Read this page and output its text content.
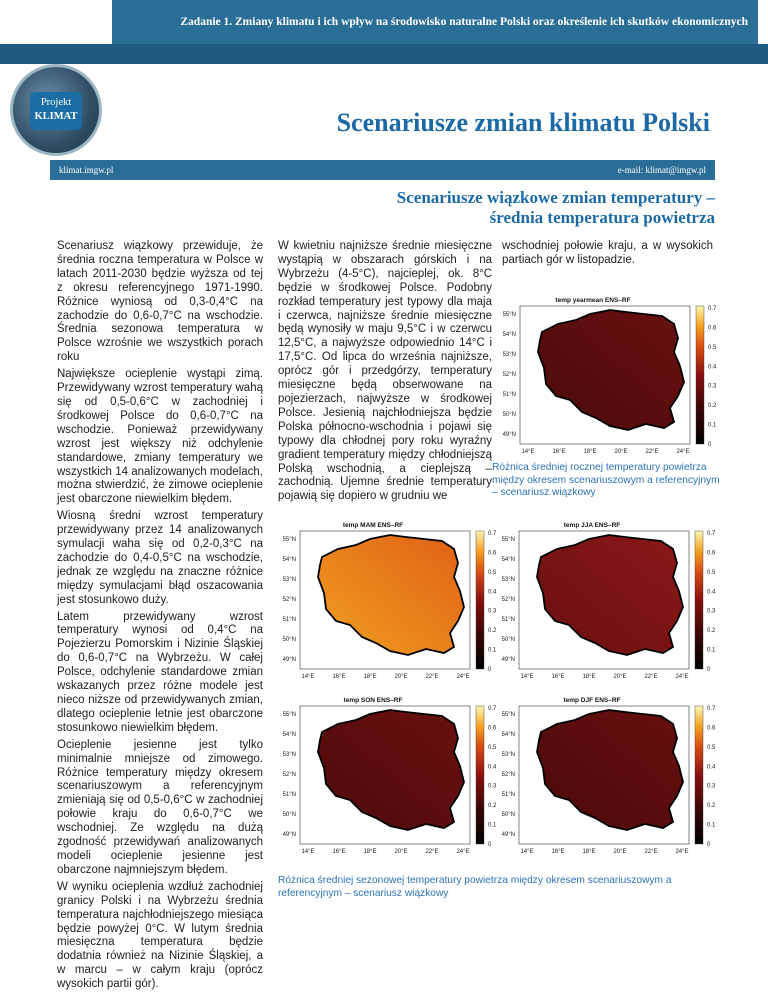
Zadanie 1. Zmiany klimatu i ich wpływ na środowisko naturalne Polski oraz określenie ich skutków ekonomicznych
Projekt
KLIMAT	Scenariusze zmian klimatu Polski
klimat.imgw.pl	e-mail: klimat@imgw.pl
Scenariusze wiązkowe zmian temperatury –
średnia temperatura powietrza

Scenariusz wiązkowy przewiduje, że średnia roczna temperatura w Polsce w latach 2011-2030 będzie wyższa od tej z okresu referencyjnego 1971-1990. Różnice wyniosą od 0,3-0,4°C na zachodzie do 0,6-0,7°C na wschodzie. Średnia sezonowa temperatura w Polsce wzrośnie we wszystkich porach roku

Największe ocieplenie wystąpi zimą. Przewidywany wzrost temperatury wahą się od 0,5-0,6°C w zachodniej i środkowej Polsce do 0,6-0,7°C na wschodzie. Ponieważ przewidywany wzrost jest większy niż odchylenie standardowe, zmiany temperatury we wszystkich 14 analizowanych modelach, można stwierdzić, że zimowe ocieplenie jest obarczone niewielkim błędem.

Wiosną średni wzrost temperatury przewidywany przez 14 analizowanych symulacji waha się od 0,2-0,3°C na zachodzie do 0,4-0,5°C na wschodzie, jednak ze względu na znaczne różnice między symulacjami błąd oszacowania jest stosunkowo duży.

Latem przewidywany wzrost temperatury wynosi od 0,4°C na Pojezierzu Pomorskim i Nizinie Śląskiej do 0,6-0,7°C na Wybrzeżu. W całej Polsce, odchylenie standardowe zmian wskazanych przez różne modele jest nieco niższe od przewidywanych zmian, dlatego ocieplenie letnie jest obarczone stosunkowo niewielkim błędem.

Ocieplenie jesienne jest tylko minimalnie mniejsze od zimowego. Różnice temperatury między okresem scenariuszowym a referencyjnym zmieniają się od 0,5-0,6°C w zachodniej połowie kraju do 0,6-0,7°C we wschodniej. Ze względu na dużą zgodność przewidywań analizowanych modeli ocieplenie jesienne jest obarczone najmniejszym błędem.

W wyniku ocieplenia wzdłuż zachodniej granicy Polski i na Wybrzeżu średnia temperatura najchłodniejszego miesiąca będzie powyżej 0°C. W lutym średnia miesięczna temperatura będzie dodatnia również na Nizinie Śląskiej, a w marcu – w całym kraju (oprócz wysokich partii gór).

W kwietniu najniższe średnie miesięczne wystąpią w obszarach górskich i na Wybrzeżu (4-5°C), najcieplej, ok. 8°C będzie w środkowej Polsce. Podobny rozkład temperatury jest typowy dla maja i czerwca, najniższe średnie miesięczne będą wynosiły w maju 9,5°C i w czerwcu 12,5°C, a najwyższe odpowiednio 14°C i 17,5°C. Od lipca do września najniższe, oprócz gór i przedgórzy, temperatury miesięczne będą obserwowane na pojezierzach, najwyższe w środkowej Polsce. Jesienią najchłodniejsza będzie Polska północno-wschodnia i pojawi się typowy dla chłodnej pory roku wyraźny gradient temperatury między chłodniejszą Polską wschodnią, a cieplejszą – zachodnią. Ujemne średnie temperatury pojawią się dopiero w grudniu we

wschodniej połowie kraju, a w wysokich partiach gór w listopadzie.

temp yearmean ENS–RF
55°N
54°N
53°N
52°N
51°N
50°N
49°N
14°E	16°E	18°E	20°E	22°E	24°E
0.7
0.6
0.5
0.4
0.3
0.2
0.1
0
Różnica średniej rocznej temperatury powietrza między okresem scenariuszowym a referencyjnym – scenariusz wiązkowy
temp MAM ENS–RF
55°N
54°N
53°N
52°N
51°N
50°N
49°N
14°E	16°E	18°E	20°E	22°E	24°E
0.7
0.6
0.5
0.4
0.3
0.2
0.1
0
temp JJA ENS–RF
55°N
54°N
53°N
52°N
51°N
50°N
49°N
14°E	16°E	18°E	20°E	22°E	24°E
0.7
0.6
0.5
0.4
0.3
0.2
0.1
0
temp SON ENS–RF
55°N
54°N
53°N
52°N
51°N
50°N
49°N
14°E	16°E	18°E	20°E	22°E	24°E
0.7
0.6
0.5
0.4
0.3
0.2
0.1
0
temp DJF ENS–RF
55°N
54°N
53°N
52°N
51°N
50°N
49°N
14°E	16°E	18°E	20°E	22°E	24°E
0.7
0.6
0.5
0.4
0.3
0.2
0.1
0
Różnica średniej sezonowej temperatury powietrza między okresem scenariuszowym a referencyjnym – scenariusz wiązkowy
